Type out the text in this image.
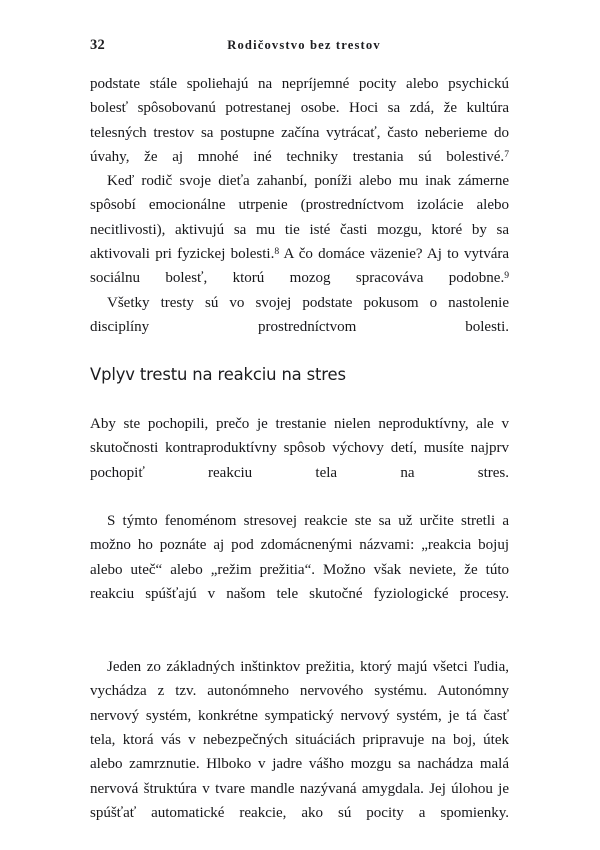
32	Rodičovstvo bez trestov

podstate stále spoliehajú na nepríjemné pocity alebo psychickú bolesť spôsobovanú potrestanej osobe. Hoci sa zdá, že kultúra telesných trestov sa postupne začína vytrácať, často neberieme do úvahy, že aj mnohé iné techniky trestania sú bolestivé.$^7$

Keď rodič svoje dieťa zahanbí, poníži alebo mu inak zámerne spôsobí emocionálne utrpenie (prostredníctvom izolácie alebo necitlivosti), aktivujú sa mu tie isté časti mozgu, ktoré by sa aktivovali pri fyzickej bolesti.$^8$ A čo domáce väzenie? Aj to vytvára sociálnu bolesť, ktorú mozog spracováva podobne.$^9$

Všetky tresty sú vo svojej podstate pokusom o nastolenie disciplíny prostredníctvom bolesti.

Vplyv trestu na reakciu na stres

Aby ste pochopili, prečo je trestanie nielen neproduktívny, ale v skutočnosti kontraproduktívny spôsob výchovy detí, musíte najprv pochopiť reakciu tela na stres.

S týmto fenoménom stresovej reakcie ste sa už určite stretli a možno ho poznáte aj pod zdomácnenými názvami: „reakcia bojuj alebo uteč“ alebo „režim prežitia“. Možno však neviete, že túto reakciu spúšťajú v našom tele skutočné fyziologické procesy.

Jeden zo základných inštinktov prežitia, ktorý majú všetci ľudia, vychádza z tzv. autonómneho nervového systému. Autonómny nervový systém, konkrétne sympatický nervový systém, je tá časť tela, ktorá vás v nebezpečných situáciách pripravuje na boj, útek alebo zamrznutie. Hlboko v jadre vášho mozgu sa nachádza malá nervová štruktúra v tvare mandle nazývaná amygdala. Jej úlohou je spúšťať automatické reakcie, ako sú pocity a spomienky.
